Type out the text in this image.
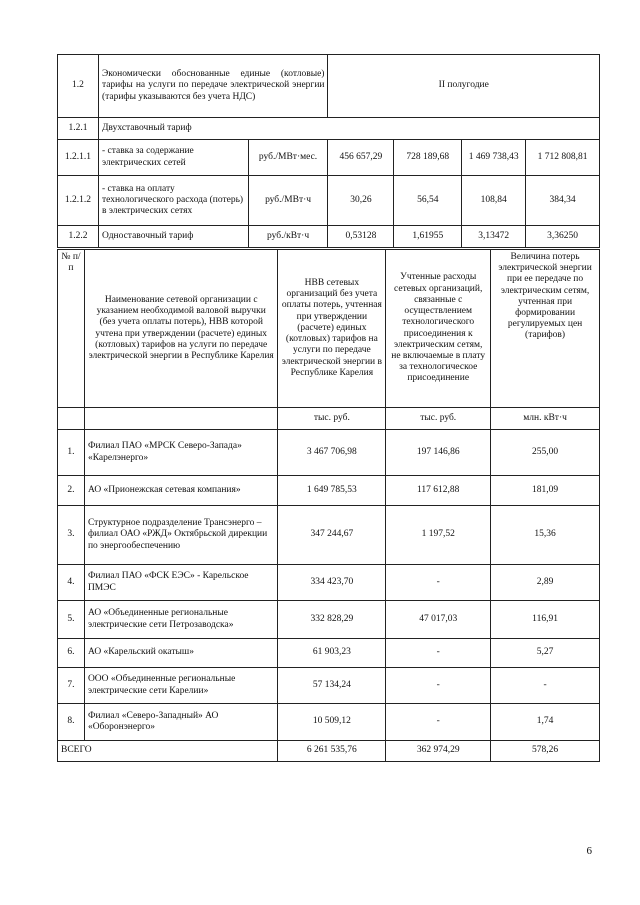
1.2	Экономически обоснованные единые (котловые) тарифы на услуги по передаче электрической энергии (тарифы указываются без учета НДС)		II полугодие			
1.2.1	Двухставочный тариф					
1.2.1.1	- ставка за содержание электрических сетей	руб./МВт·мес.	456 657,29	728 189,68	1 469 738,43	1 712 808,81
1.2.1.2	- ставка на оплату технологического расхода (потерь) в электрических сетях	руб./МВт·ч	30,26	56,54	108,84	384,34
1.2.2	Одноставочный тариф	руб./кВт·ч	0,53128	1,61955	3,13472	3,36250
№ п/п	Наименование сетевой организации с указанием необходимой валовой выручки (без учета оплаты потерь), НВВ которой учтена при утверждении (расчете) единых (котловых) тарифов на услуги по передаче электрической энергии в Республике Карелия	НВВ сетевых организаций без учета оплаты потерь, учтенная при утверждении (расчете) единых (котловых) тарифов на услуги по передаче электрической энергии в Республике Карелия	Учтенные расходы сетевых организаций, связанные с осуществлением технологического присоединения к электрическим сетям, не включаемые в плату за технологическое присоединение	Величина потерь электрической энергии при ее передаче по электрическим сетям, учтенная при формировании регулируемых цен (тарифов)
		тыс. руб.	тыс. руб.	млн. кВт·ч
1.	Филиал ПАО «МРСК Северо-Запада» «Карелэнерго»	3 467 706,98	197 146,86	255,00
2.	АО «Прионежская сетевая компания»	1 649 785,53	117 612,88	181,09
3.	Структурное подразделение Трансэнерго – филиал ОАО «РЖД» Октябрьской дирекции по энергообеспечению	347 244,67	1 197,52	15,36
4.	Филиал ПАО «ФСК ЕЭС» - Карельское ПМЭС	334 423,70	-	2,89
5.	АО «Объединенные региональные электрические сети Петрозаводска»	332 828,29	47 017,03	116,91
6.	АО «Карельский окатыш»	61 903,23	-	5,27
7.	ООО «Объединенные региональные электрические сети Карелии»	57 134,24	-	-
8.	Филиал «Северо-Западный» АО «Оборонэнерго»	10 509,12	-	1,74
ВСЕГО		6 261 535,76	362 974,29	578,26
6
